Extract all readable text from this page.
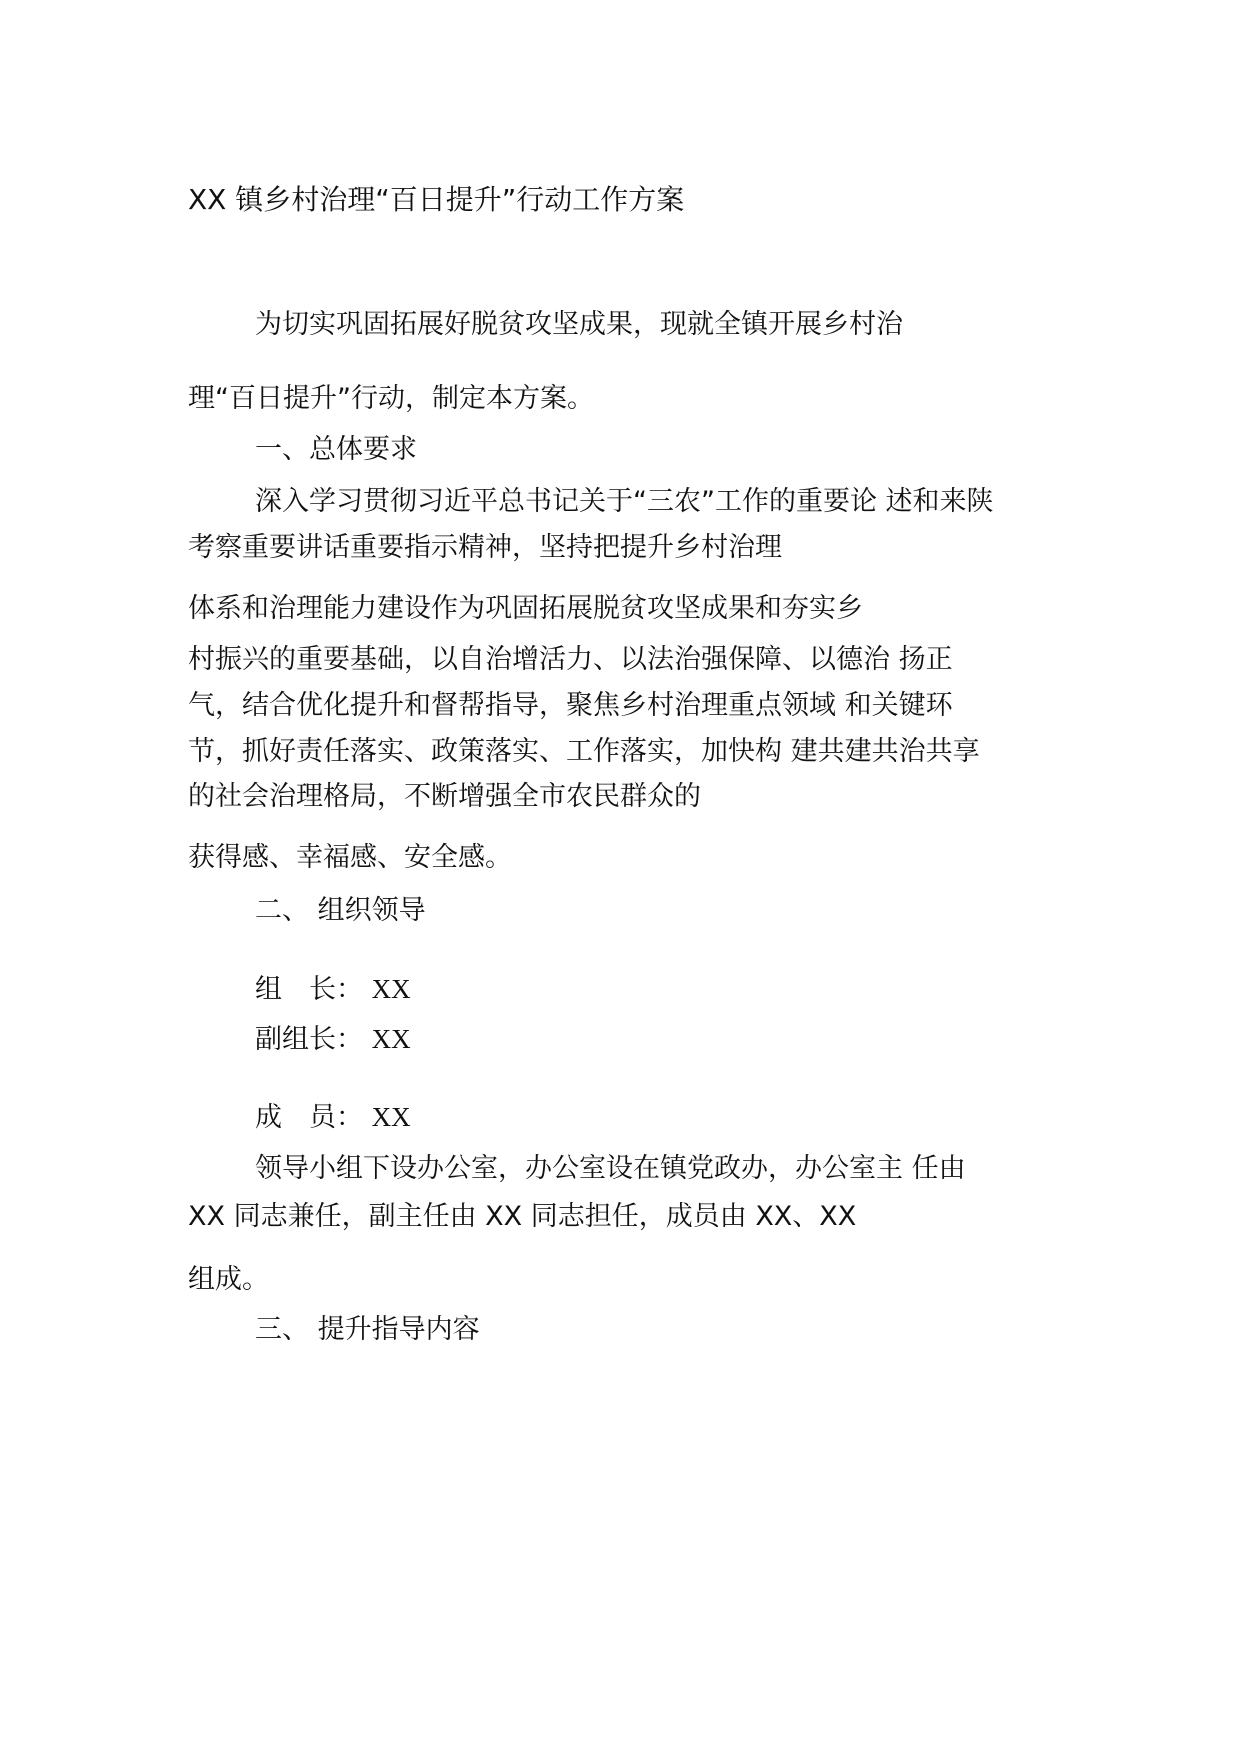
XX 镇乡村治理“百日提升”行动工作方案
为切实巩固拓展好脱贫攻坚成果，现就全镇开展乡村治
理“百日提升”行动，制定本方案。
一、总体要求
深入学习贯彻习近平总书记关于“三农”工作的重要论 述和来陕
考察重要讲话重要指示精神，坚持把提升乡村治理
体系和治理能力建设作为巩固拓展脱贫攻坚成果和夯实乡
村振兴的重要基础，以自治增活力、以法治强保障、以德治 扬正
气，结合优化提升和督帮指导，聚焦乡村治理重点领域 和关键环
节，抓好责任落实、政策落实、工作落实，加快构 建共建共治共享
的社会治理格局，不断增强全市农民群众的
获得感、幸福感、安全感。
二、 组织领导
组　长： XX
副组长： XX
成　员： XX
领导小组下设办公室，办公室设在镇党政办，办公室主 任由
XX 同志兼任，副主任由 XX 同志担任，成员由 XX、XX
组成。
三、 提升指导内容
